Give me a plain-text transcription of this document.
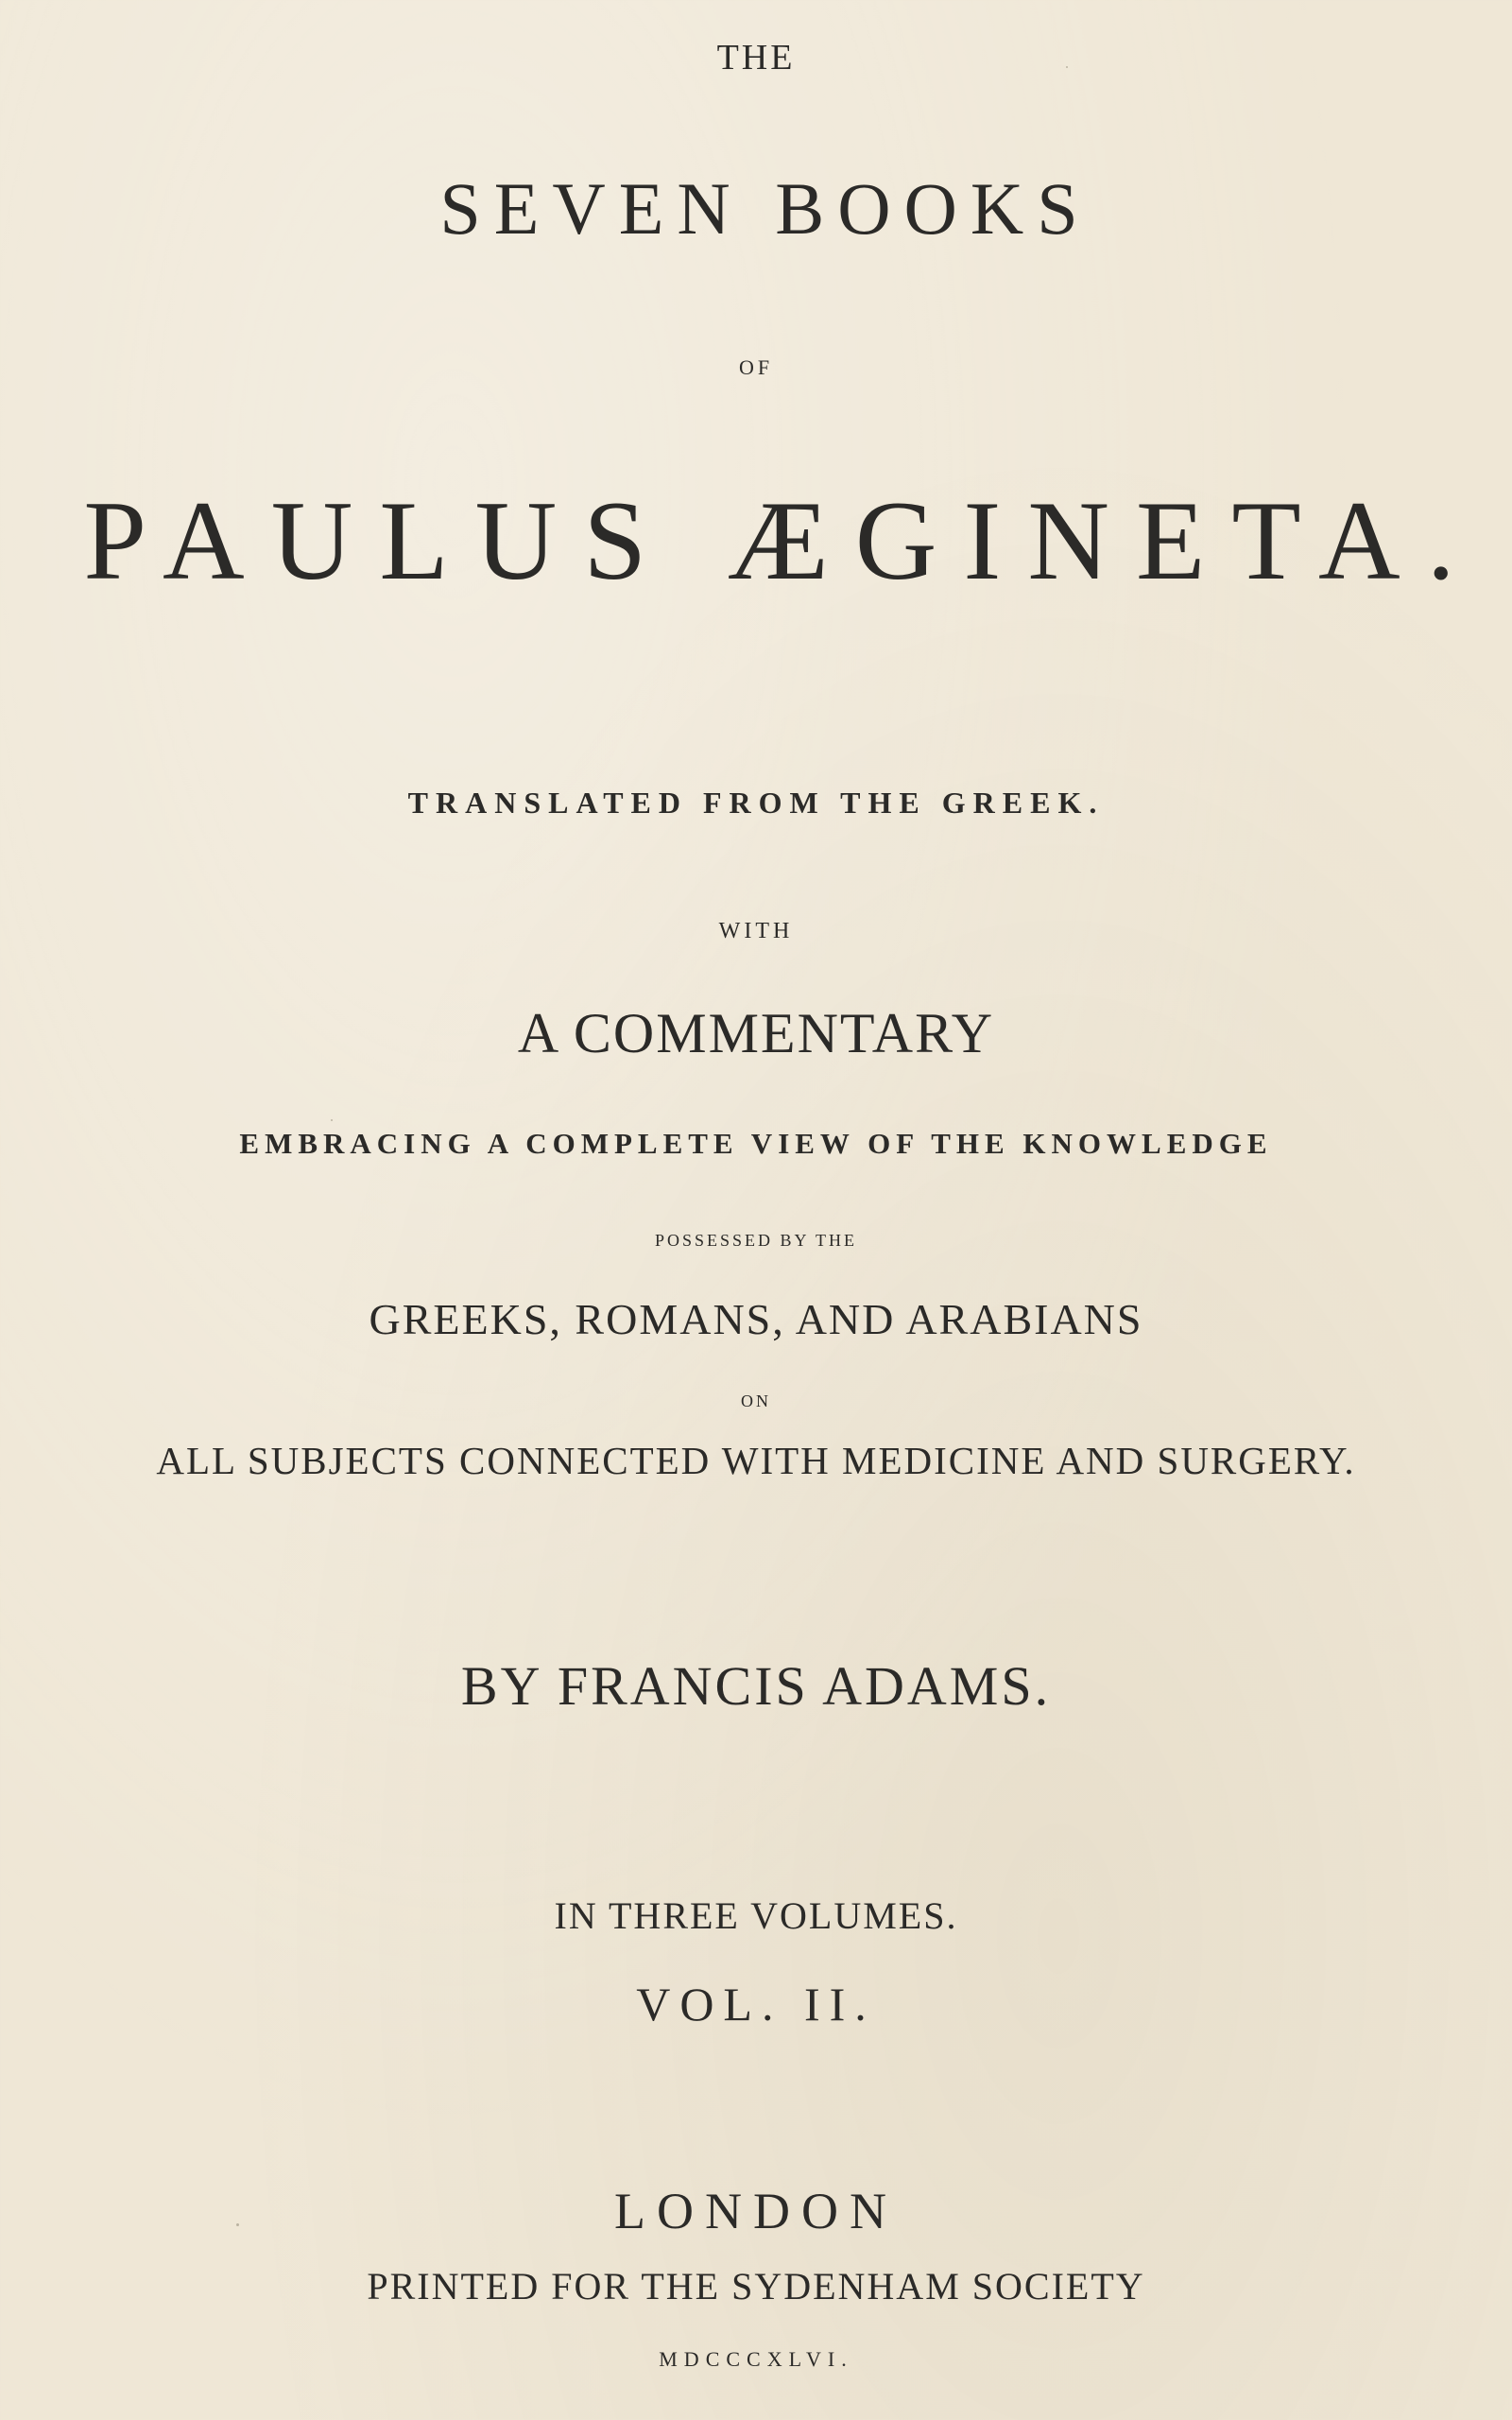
THE
SEVEN BOOKS
OF
PAULUS ÆGINETA.
TRANSLATED FROM THE GREEK.
WITH
A COMMENTARY
EMBRACING A COMPLETE VIEW OF THE KNOWLEDGE
POSSESSED BY THE
GREEKS, ROMANS, AND ARABIANS
ON
ALL SUBJECTS CONNECTED WITH MEDICINE AND SURGERY.
BY FRANCIS ADAMS.
IN THREE VOLUMES.
VOL. II.
LONDON
PRINTED FOR THE SYDENHAM SOCIETY
MDCCCXLVI.
